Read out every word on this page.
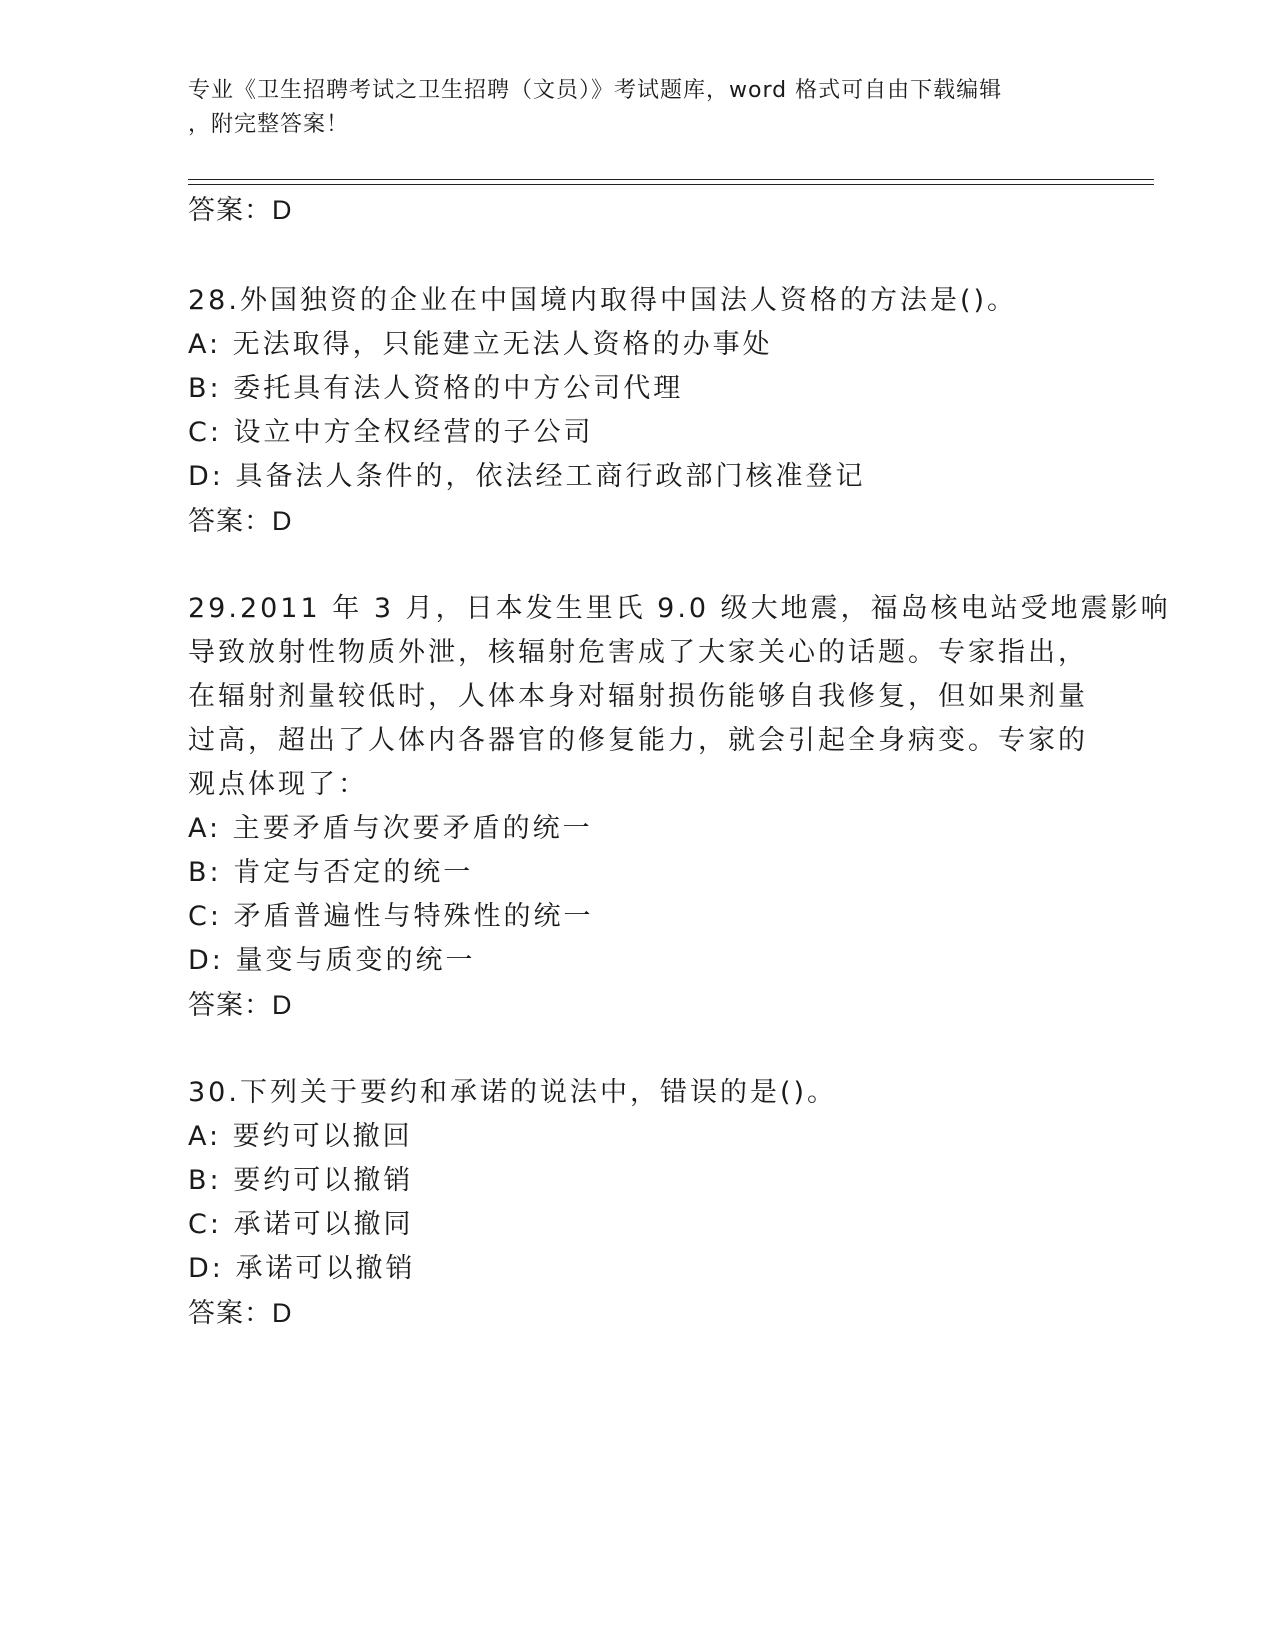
专业《卫生招聘考试之卫生招聘（文员）》考试题库，word 格式可自由下载编辑
，附完整答案！
答案：D
28.外国独资的企业在中国境内取得中国法人资格的方法是()。
A: 无法取得，只能建立无法人资格的办事处
B: 委托具有法人资格的中方公司代理
C: 设立中方全权经营的子公司
D: 具备法人条件的，依法经工商行政部门核准登记
答案：D
29.2011 年 3 月，日本发生里氏 9.0 级大地震，福岛核电站受地震影响
导致放射性物质外泄，核辐射危害成了大家关心的话题。专家指出，
在辐射剂量较低时，人体本身对辐射损伤能够自我修复，但如果剂量
过高，超出了人体内各器官的修复能力，就会引起全身病变。专家的
观点体现了：
A: 主要矛盾与次要矛盾的统一
B: 肯定与否定的统一
C: 矛盾普遍性与特殊性的统一
D: 量变与质变的统一
答案：D
30.下列关于要约和承诺的说法中，错误的是()。
A: 要约可以撤回
B: 要约可以撤销
C: 承诺可以撤同
D: 承诺可以撤销
答案：D
